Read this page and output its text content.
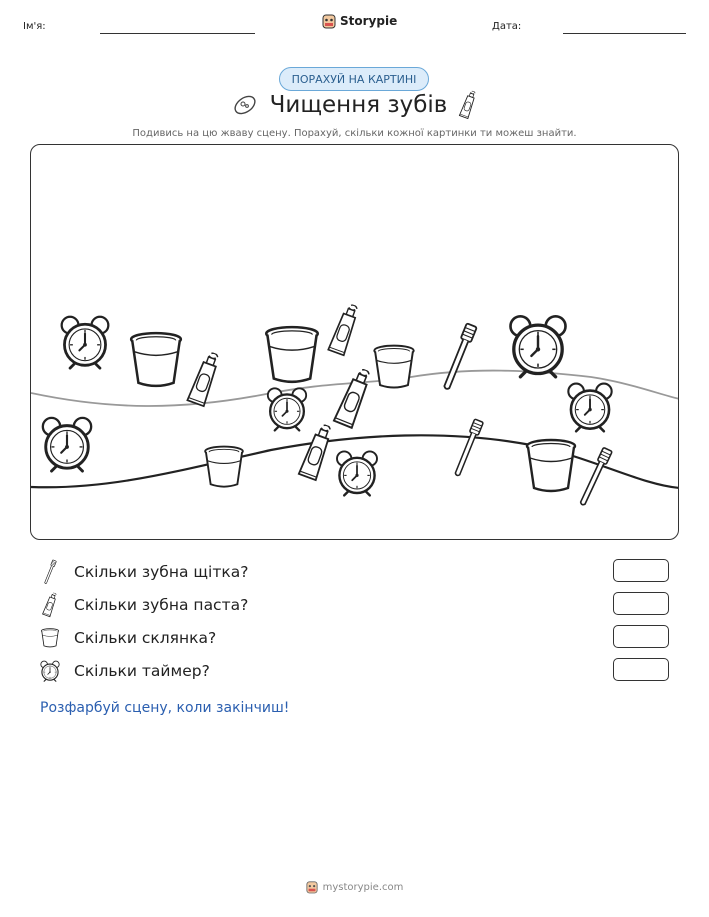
Ім'я:	Storypie	Дата:
ПОРАХУЙ НА КАРТИНІ
Чищення зубів
Подивись на цю жваву сцену. Порахуй, скільки кожної картинки ти можеш знайти.
Скільки зубна щітка?
Скільки зубна паста?
Скільки склянка?
Скільки таймер?
Розфарбуй сцену, коли закінчиш!
mystorypie.com
